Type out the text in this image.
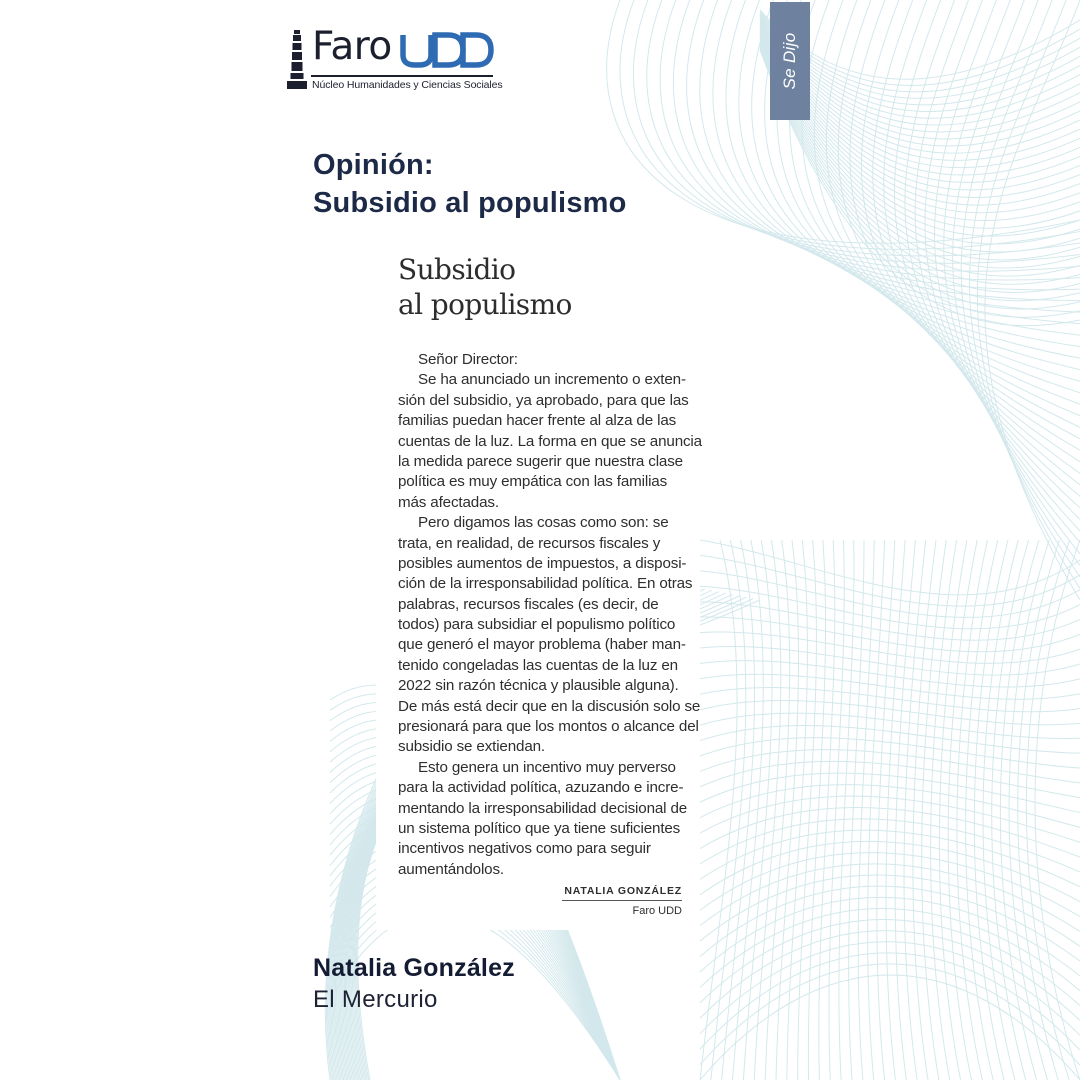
Faro	UDD
Núcleo Humanidades y Ciencias Sociales	Se Dijo
Opinión:
Subsidio al populismo
Subsidio
al populismo
Señor Director:
Se ha anunciado un incremento o exten-
sión del subsidio, ya aprobado, para que las
familias puedan hacer frente al alza de las
cuentas de la luz. La forma en que se anuncia
la medida parece sugerir que nuestra clase
política es muy empática con las familias
más afectadas.
Pero digamos las cosas como son: se
trata, en realidad, de recursos fiscales y
posibles aumentos de impuestos, a disposi-
ción de la irresponsabilidad política. En otras
palabras, recursos fiscales (es decir, de
todos) para subsidiar el populismo político
que generó el mayor problema (haber man-
tenido congeladas las cuentas de la luz en
2022 sin razón técnica y plausible alguna).
De más está decir que en la discusión solo se
presionará para que los montos o alcance del
subsidio se extiendan.
Esto genera un incentivo muy perverso
para la actividad política, azuzando e incre-
mentando la irresponsabilidad decisional de
un sistema político que ya tiene suficientes
incentivos negativos como para seguir
aumentándolos.
NATALIA GONZÁLEZ
Faro UDD
Natalia González
El Mercurio
